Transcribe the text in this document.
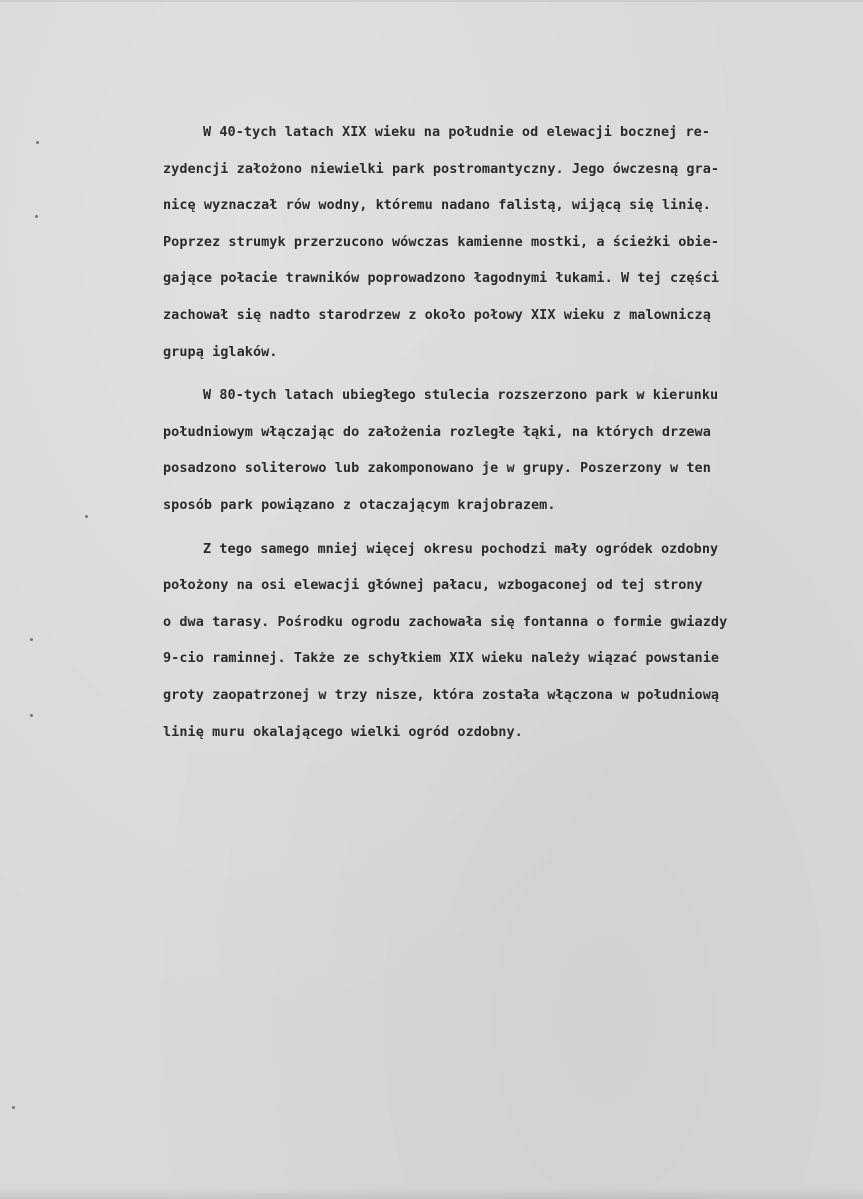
W 40-tych latach XIX wieku na południe od elewacji bocznej re-
zydencji założono niewielki park postromantyczny. Jego ówczesną gra-
nicę wyznaczał rów wodny, któremu nadano falistą, wijącą się linię.
Poprzez strumyk przerzucono wówczas kamienne mostki, a ścieżki obie-
gające połacie trawników poprowadzono łagodnymi łukami. W tej części
zachował się nadto starodrzew z około połowy XIX wieku z malowniczą
grupą iglaków.
W 80-tych latach ubiegłego stulecia rozszerzono park w kierunku
południowym włączając do założenia rozległe łąki, na których drzewa
posadzono soliterowo lub zakomponowano je w grupy. Poszerzony w ten
sposób park powiązano z otaczającym krajobrazem.
Z tego samego mniej więcej okresu pochodzi mały ogródek ozdobny
położony na osi elewacji głównej pałacu, wzbogaconej od tej strony
o dwa tarasy. Pośrodku ogrodu zachowała się fontanna o formie gwiazdy
9-cio raminnej. Także ze schyłkiem XIX wieku należy wiązać powstanie
groty zaopatrzonej w trzy nisze, która została włączona w południową
linię muru okalającego wielki ogród ozdobny.
